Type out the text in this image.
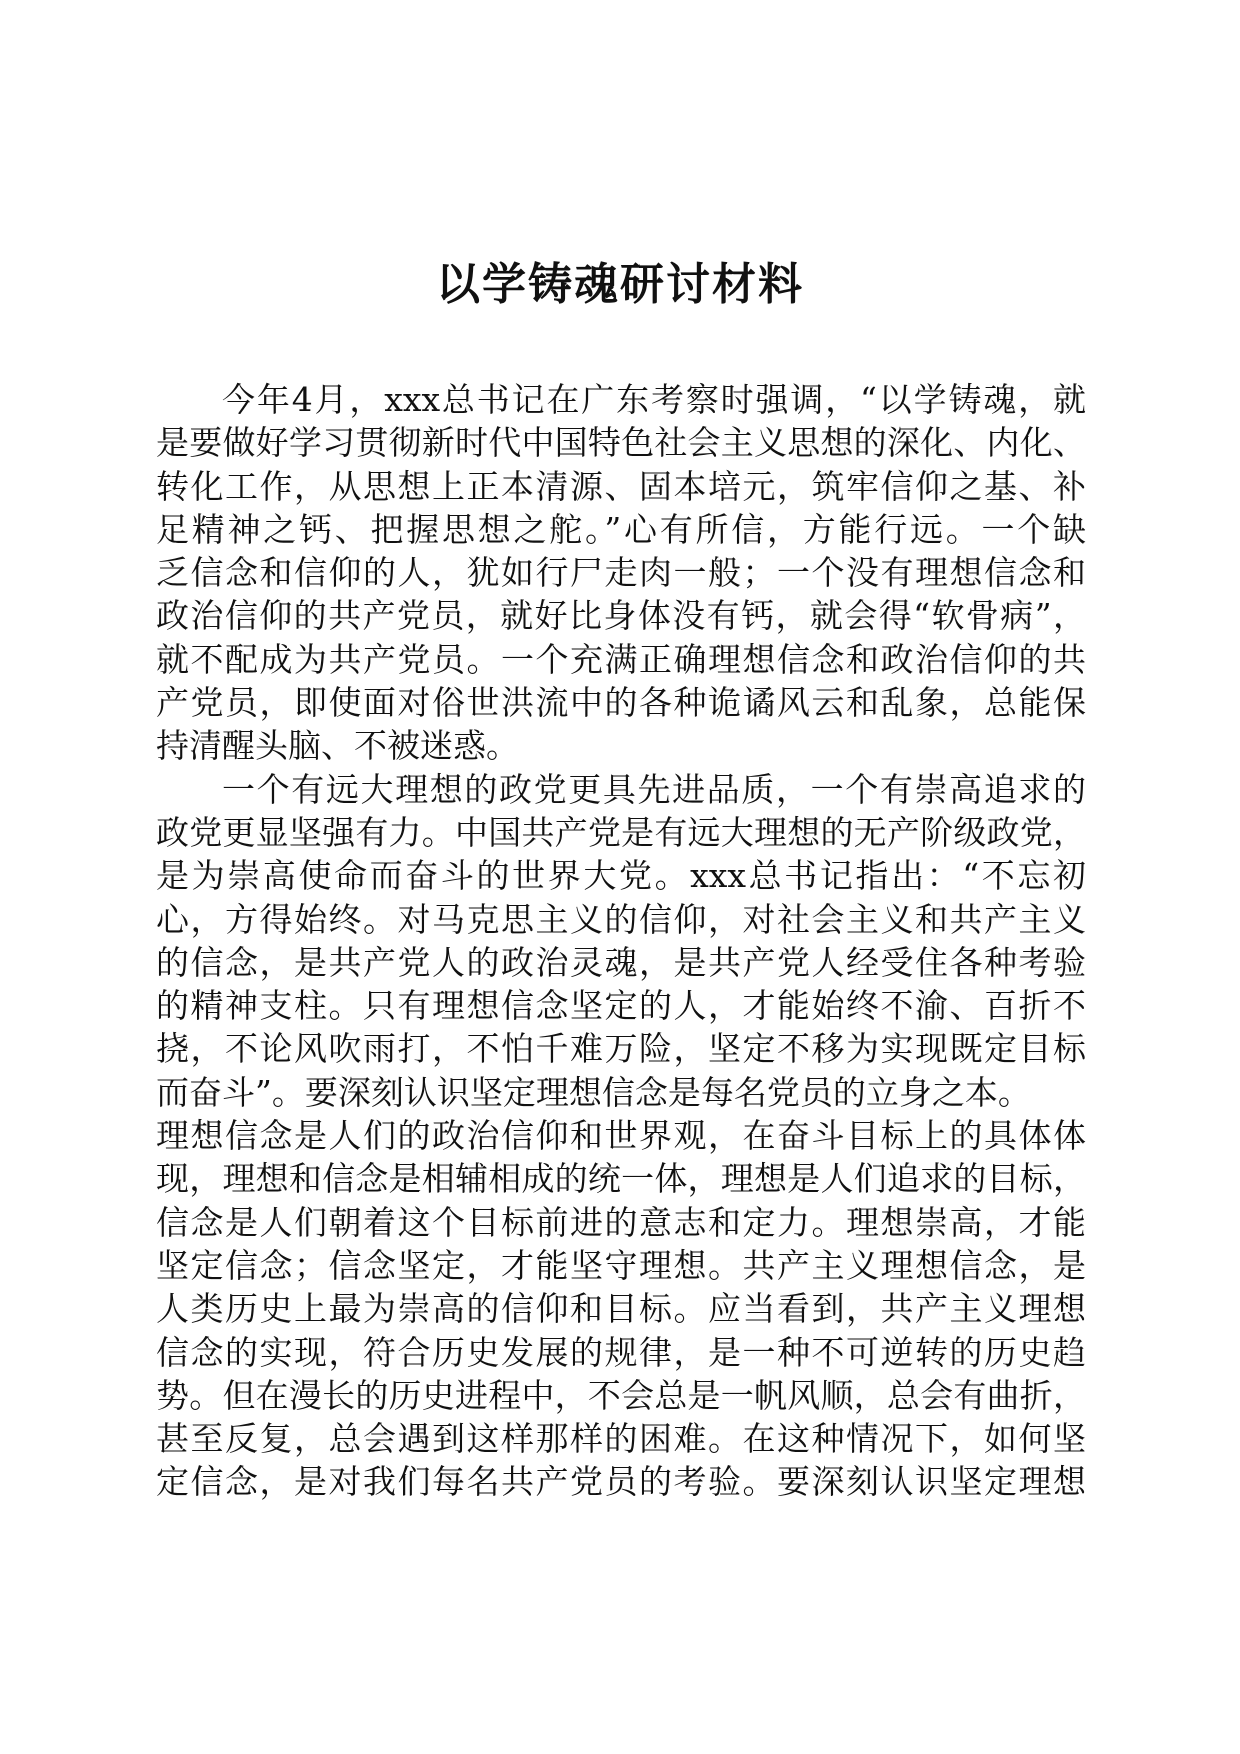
以学铸魂研讨材料
今年4月，xxx总书记在广东考察时强调，“以学铸魂，就
是要做好学习贯彻新时代中国特色社会主义思想的深化、内化、
转化工作，从思想上正本清源、固本培元，筑牢信仰之基、补
足精神之钙、把握思想之舵。”心有所信，方能行远。一个缺
乏信念和信仰的人，犹如行尸走肉一般；一个没有理想信念和
政治信仰的共产党员，就好比身体没有钙，就会得“软骨病”，
就不配成为共产党员。一个充满正确理想信念和政治信仰的共
产党员，即使面对俗世洪流中的各种诡谲风云和乱象，总能保
持清醒头脑、不被迷惑。
一个有远大理想的政党更具先进品质，一个有崇高追求的
政党更显坚强有力。中国共产党是有远大理想的无产阶级政党，
是为崇高使命而奋斗的世界大党。xxx总书记指出：“不忘初
心，方得始终。对马克思主义的信仰，对社会主义和共产主义
的信念，是共产党人的政治灵魂，是共产党人经受住各种考验
的精神支柱。只有理想信念坚定的人，才能始终不渝、百折不
挠，不论风吹雨打，不怕千难万险，坚定不移为实现既定目标
而奋斗”。要深刻认识坚定理想信念是每名党员的立身之本。
理想信念是人们的政治信仰和世界观，在奋斗目标上的具体体
现，理想和信念是相辅相成的统一体，理想是人们追求的目标，
信念是人们朝着这个目标前进的意志和定力。理想崇高，才能
坚定信念；信念坚定，才能坚守理想。共产主义理想信念，是
人类历史上最为崇高的信仰和目标。应当看到，共产主义理想
信念的实现，符合历史发展的规律，是一种不可逆转的历史趋
势。但在漫长的历史进程中，不会总是一帆风顺，总会有曲折，
甚至反复，总会遇到这样那样的困难。在这种情况下，如何坚
定信念，是对我们每名共产党员的考验。要深刻认识坚定理想
